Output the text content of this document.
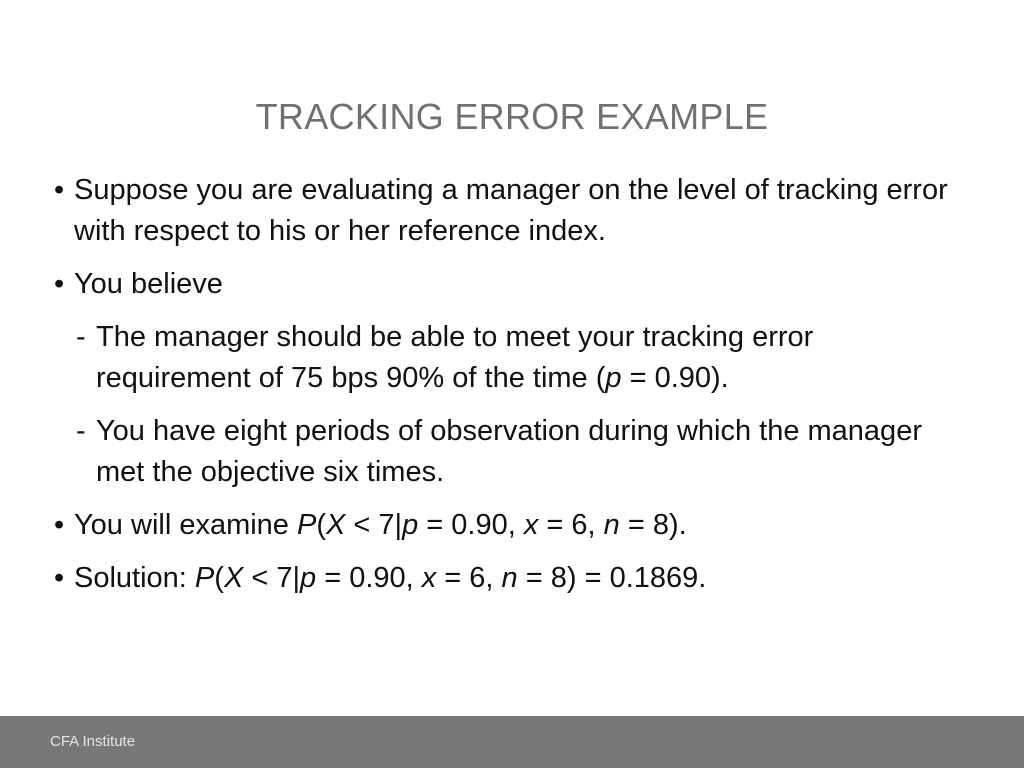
TRACKING ERROR EXAMPLE
• Suppose you are evaluating a manager on the level of tracking error with respect to his or her reference index.

• You believe

- The manager should be able to meet your tracking error requirement of 75 bps 90% of the time (p = 0.90).

- You have eight periods of observation during which the manager met the objective six times.

• You will examine P(X < 7|p = 0.90, x = 6, n = 8).

• Solution: P(X < 7|p = 0.90, x = 6, n = 8) = 0.1869.

CFA Institute
